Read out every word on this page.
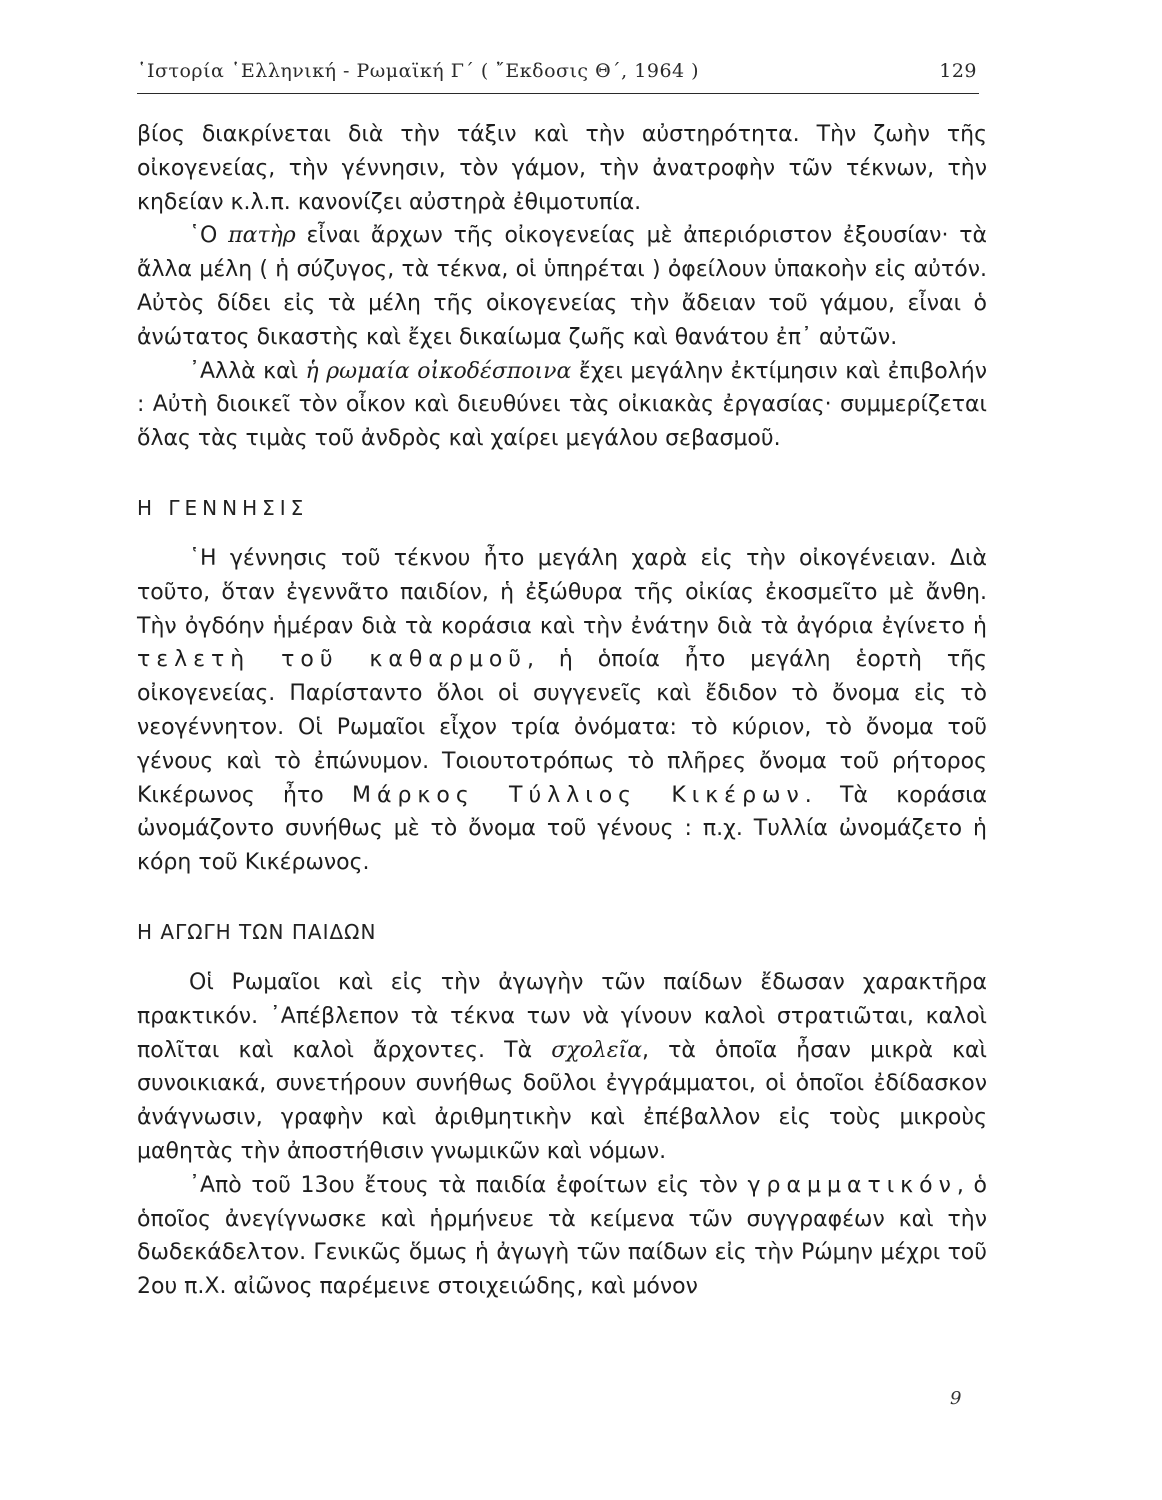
῾Ιστορία ῾Ελληνική - Ρωμαϊκή Γ΄ ( ῎Εκδοσις Θ΄, 1964 )	129

βίος διακρίνεται διὰ τὴν τάξιν καὶ τὴν αὐστηρότητα. Τὴν ζωὴν τῆς οἰκογενείας, τὴν γέννησιν, τὸν γάμον, τὴν ἀνατροφὴν τῶν τέκνων, τὴν κηδείαν κ.λ.π. κανονίζει αὐστηρὰ ἐθιμοτυπία.

῾Ο πατὴρ εἶναι ἄρχων τῆς οἰκογενείας μὲ ἀπεριόριστον ἐξουσίαν· τὰ ἄλλα μέλη ( ἡ σύζυγος, τὰ τέκνα, οἱ ὑπηρέται ) ὀφείλουν ὑπακοὴν εἰς αὐτόν. Αὐτὸς δίδει εἰς τὰ μέλη τῆς οἰκογενείας τὴν ἄδειαν τοῦ γάμου, εἶναι ὁ ἀνώτατος δικαστὴς καὶ ἔχει δικαίωμα ζωῆς καὶ θανάτου ἐπ᾽ αὐτῶν.

᾽Αλλὰ καὶ ἡ ρωμαία οἰκοδέσποινα ἔχει μεγάλην ἐκτίμησιν καὶ ἐπιβολήν : Αὐτὴ διοικεῖ τὸν οἶκον καὶ διευθύνει τὰς οἰκιακὰς ἐργασίας· συμμερίζεται ὅλας τὰς τιμὰς τοῦ ἀνδρὸς καὶ χαίρει μεγάλου σεβασμοῦ.

Η ΓΕΝΝΗΣΙΣ

῾Η γέννησις τοῦ τέκνου ἦτο μεγάλη χαρὰ εἰς τὴν οἰκογένειαν. Διὰ τοῦτο, ὅταν ἐγεννᾶτο παιδίον, ἡ ἐξώθυρα τῆς οἰκίας ἐκοσμεῖτο μὲ ἄνθη. Τὴν ὀγδόην ἡμέραν διὰ τὰ κοράσια καὶ τὴν ἐνάτην διὰ τὰ ἀγόρια ἐγίνετο ἡ τελετὴ τοῦ καθαρμοῦ, ἡ ὁποία ἦτο μεγάλη ἑορτὴ τῆς οἰκογενείας. Παρίσταντο ὅλοι οἱ συγγενεῖς καὶ ἔδιδον τὸ ὄνομα εἰς τὸ νεογέννητον. Οἱ Ρωμαῖοι εἶχον τρία ὀνόματα: τὸ κύριον, τὸ ὄνομα τοῦ γένους καὶ τὸ ἐπώνυμον. Τοιουτοτρόπως τὸ πλῆρες ὄνομα τοῦ ρήτορος Κικέρωνος ἦτο Μάρκος Τύλλιος Κικέρων. Τὰ κοράσια ὠνομάζοντο συνήθως μὲ τὸ ὄνομα τοῦ γένους : π.χ. Τυλλία ὠνομάζετο ἡ κόρη τοῦ Κικέρωνος.

Η ΑΓΩΓΗ ΤΩΝ ΠΑΙΔΩΝ

Οἱ Ρωμαῖοι καὶ εἰς τὴν ἀγωγὴν τῶν παίδων ἔδωσαν χαρακτῆρα πρακτικόν. ᾽Απέβλεπον τὰ τέκνα των νὰ γίνουν καλοὶ στρατιῶται, καλοὶ πολῖται καὶ καλοὶ ἄρχοντες. Τὰ σχολεῖα, τὰ ὁποῖα ἦσαν μικρὰ καὶ συνοικιακά, συνετήρουν συνήθως δοῦλοι ἐγγράμματοι, οἱ ὁποῖοι ἐδίδασκον ἀνάγνωσιν, γραφὴν καὶ ἀριθμητικὴν καὶ ἐπέβαλλον εἰς τοὺς μικροὺς μαθητὰς τὴν ἀποστήθισιν γνωμικῶν καὶ νόμων.

᾽Απὸ τοῦ 13ου ἔτους τὰ παιδία ἐφοίτων εἰς τὸν γραμματικόν, ὁ ὁποῖος ἀνεγίγνωσκε καὶ ἡρμήνευε τὰ κείμενα τῶν συγγραφέων καὶ τὴν δωδεκάδελτον. Γενικῶς ὅμως ἡ ἀγωγὴ τῶν παίδων εἰς τὴν Ρώμην μέχρι τοῦ 2ου π.Χ. αἰῶνος παρέμεινε στοιχειώδης, καὶ μόνον

9
